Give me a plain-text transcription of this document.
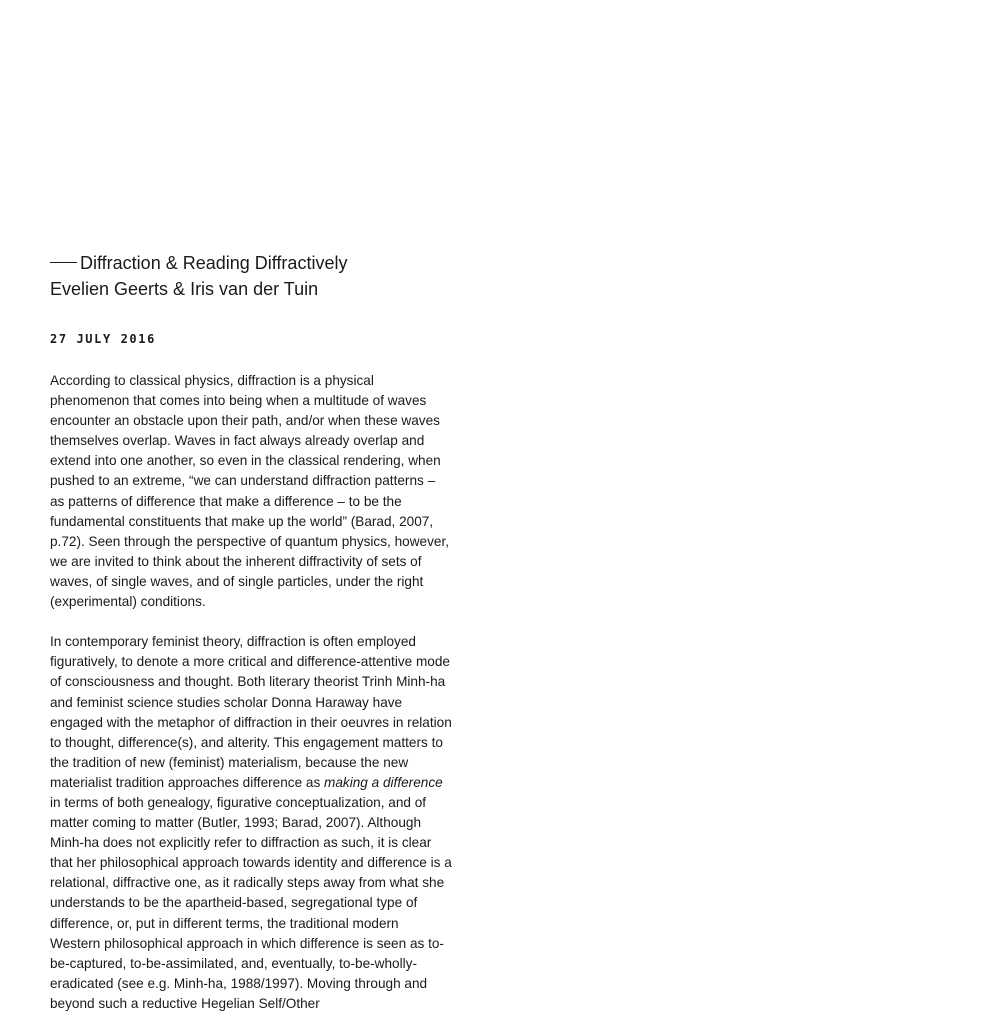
Diffraction & Reading Diffractively
Evelien Geerts & Iris van der Tuin
27 JULY 2016

According to classical physics, diffraction is a physical phenomenon that comes into being when a multitude of waves encounter an obstacle upon their path, and/or when these waves themselves overlap. Waves in fact always already overlap and extend into one another, so even in the classical rendering, when pushed to an extreme, “we can understand diffraction patterns – as patterns of difference that make a difference – to be the fundamental constituents that make up the world” (Barad, 2007, p.72). Seen through the perspective of quantum physics, however, we are invited to think about the inherent diffractivity of sets of waves, of single waves, and of single particles, under the right (experimental) conditions.

In contemporary feminist theory, diffraction is often employed figuratively, to denote a more critical and difference-attentive mode of consciousness and thought. Both literary theorist Trinh Minh-ha and feminist science studies scholar Donna Haraway have engaged with the metaphor of diffraction in their oeuvres in relation to thought, difference(s), and alterity. This engagement matters to the tradition of new (feminist) materialism, because the new materialist tradition approaches difference as making a difference in terms of both genealogy, figurative conceptualization, and of matter coming to matter (Butler, 1993; Barad, 2007). Although Minh-ha does not explicitly refer to diffraction as such, it is clear that her philosophical approach towards identity and difference is a relational, diffractive one, as it radically steps away from what she understands to be the apartheid-based, segregational type of difference, or, put in different terms, the traditional modern Western philosophical approach in which difference is seen as to-be-captured, to-be-assimilated, and, eventually, to-be-wholly-eradicated (see e.g. Minh-ha, 1988/1997). Moving through and beyond such a reductive Hegelian Self/Other
